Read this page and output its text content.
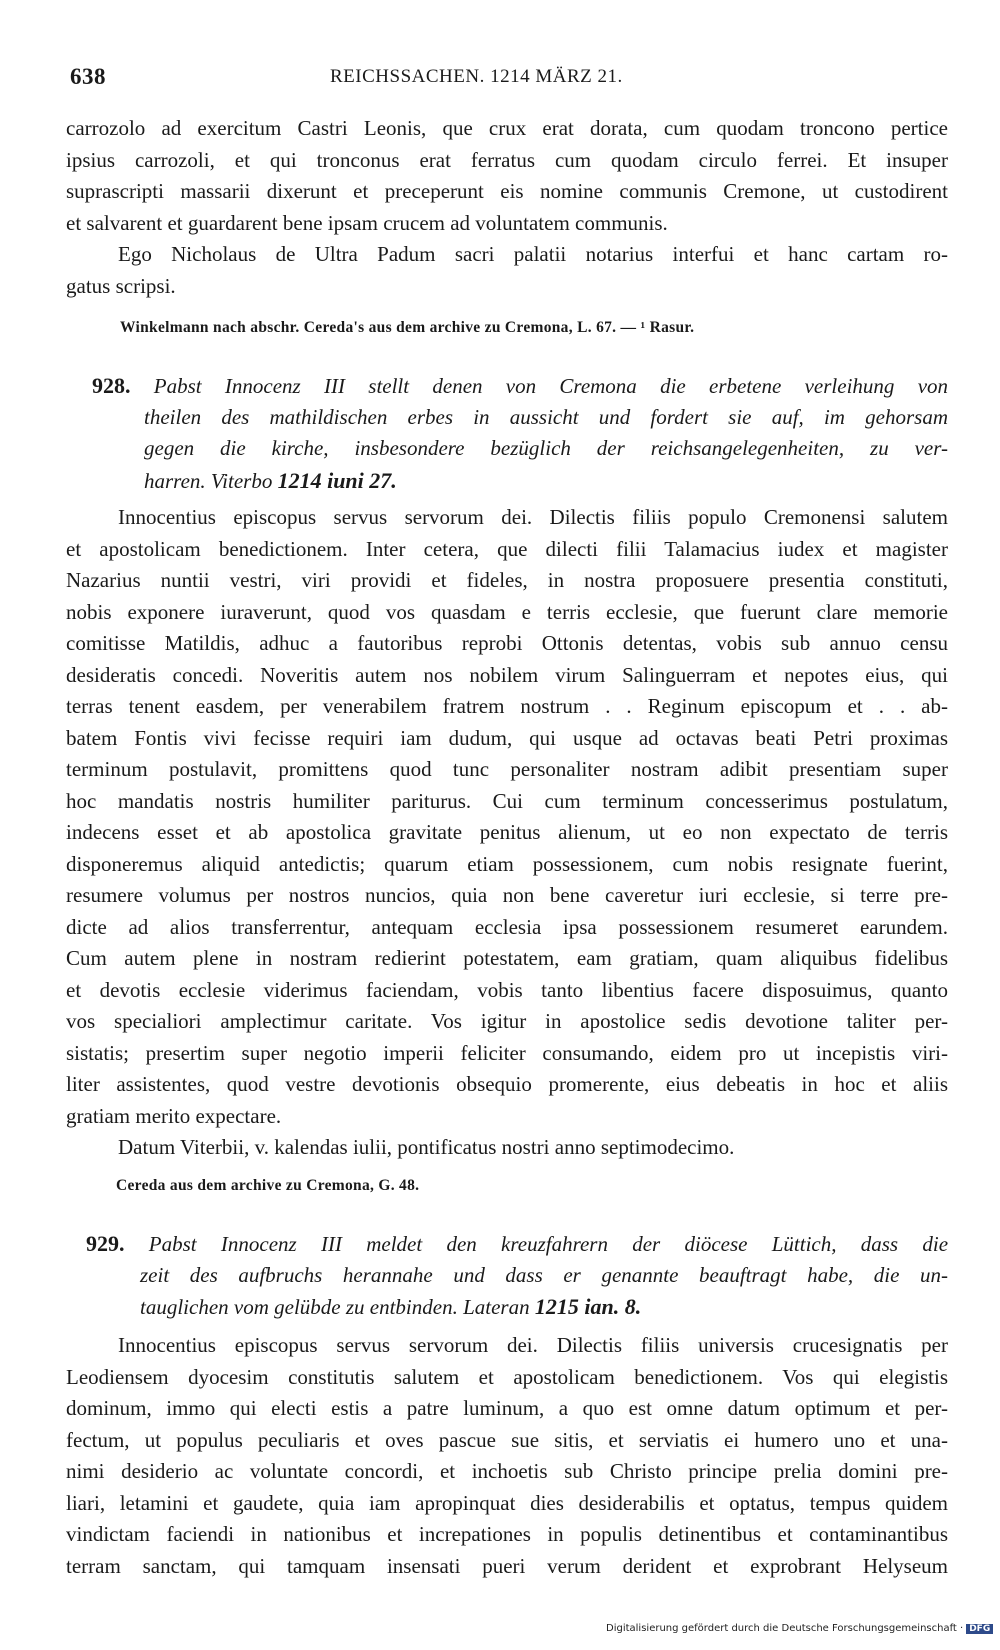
638	REICHSSACHEN. 1214 MÄRZ 21.
carrozolo ad exercitum Castri Leonis, que crux erat dorata, cum quodam troncono pertice
ipsius carrozoli, et qui tronconus erat ferratus cum quodam circulo ferrei. Et insuper
suprascripti massarii dixerunt et preceperunt eis nomine communis Cremone, ut custodirent
et salvarent et guardarent bene ipsam crucem ad voluntatem communis.
Ego Nicholaus de Ultra Padum sacri palatii notarius interfui et hanc cartam ro-
gatus scripsi.
Winkelmann nach abschr. Cereda's aus dem archive zu Cremona, L. 67. — ¹ Rasur.
928. Pabst Innocenz III stellt denen von Cremona die erbetene verleihung von
theilen des mathildischen erbes in aussicht und fordert sie auf, im gehorsam
gegen die kirche, insbesondere bezüglich der reichsangelegenheiten, zu ver-
harren. Viterbo 1214 iuni 27.
Innocentius episcopus servus servorum dei. Dilectis filiis populo Cremonensi salutem
et apostolicam benedictionem. Inter cetera, que dilecti filii Talamacius iudex et magister
Nazarius nuntii vestri, viri providi et fideles, in nostra proposuere presentia constituti,
nobis exponere iuraverunt, quod vos quasdam e terris ecclesie, que fuerunt clare memorie
comitisse Matildis, adhuc a fautoribus reprobi Ottonis detentas, vobis sub annuo censu
desideratis concedi. Noveritis autem nos nobilem virum Salinguerram et nepotes eius, qui
terras tenent easdem, per venerabilem fratrem nostrum . . Reginum episcopum et . . ab-
batem Fontis vivi fecisse requiri iam dudum, qui usque ad octavas beati Petri proximas
terminum postulavit, promittens quod tunc personaliter nostram adibit presentiam super
hoc mandatis nostris humiliter pariturus. Cui cum terminum concesserimus postulatum,
indecens esset et ab apostolica gravitate penitus alienum, ut eo non expectato de terris
disponeremus aliquid antedictis; quarum etiam possessionem, cum nobis resignate fuerint,
resumere volumus per nostros nuncios, quia non bene caveretur iuri ecclesie, si terre pre-
dicte ad alios transferrentur, antequam ecclesia ipsa possessionem resumeret earundem.
Cum autem plene in nostram redierint potestatem, eam gratiam, quam aliquibus fidelibus
et devotis ecclesie viderimus faciendam, vobis tanto libentius facere disposuimus, quanto
vos specialiori amplectimur caritate. Vos igitur in apostolice sedis devotione taliter per-
sistatis; presertim super negotio imperii feliciter consumando, eidem pro ut incepistis viri-
liter assistentes, quod vestre devotionis obsequio promerente, eius debeatis in hoc et aliis
gratiam merito expectare.
Datum Viterbii, v. kalendas iulii, pontificatus nostri anno septimodecimo.
Cereda aus dem archive zu Cremona, G. 48.
929. Pabst Innocenz III meldet den kreuzfahrern der diöcese Lüttich, dass die
zeit des aufbruchs herannahe und dass er genannte beauftragt habe, die un-
tauglichen vom gelübde zu entbinden. Lateran 1215 ian. 8.
Innocentius episcopus servus servorum dei. Dilectis filiis universis crucesignatis per
Leodiensem dyocesim constitutis salutem et apostolicam benedictionem. Vos qui elegistis
dominum, immo qui electi estis a patre luminum, a quo est omne datum optimum et per-
fectum, ut populus peculiaris et oves pascue sue sitis, et serviatis ei humero uno et una-
nimi desiderio ac voluntate concordi, et inchoetis sub Christo principe prelia domini pre-
liari, letamini et gaudete, quia iam apropinquat dies desiderabilis et optatus, tempus quidem
vindictam faciendi in nationibus et increpationes in populis detinentibus et contaminantibus
terram sanctam, qui tamquam insensati pueri verum derident et exprobrant Helyseum
Digitalisierung gefördert durch die Deutsche Forschungsgemeinschaft · DFG
